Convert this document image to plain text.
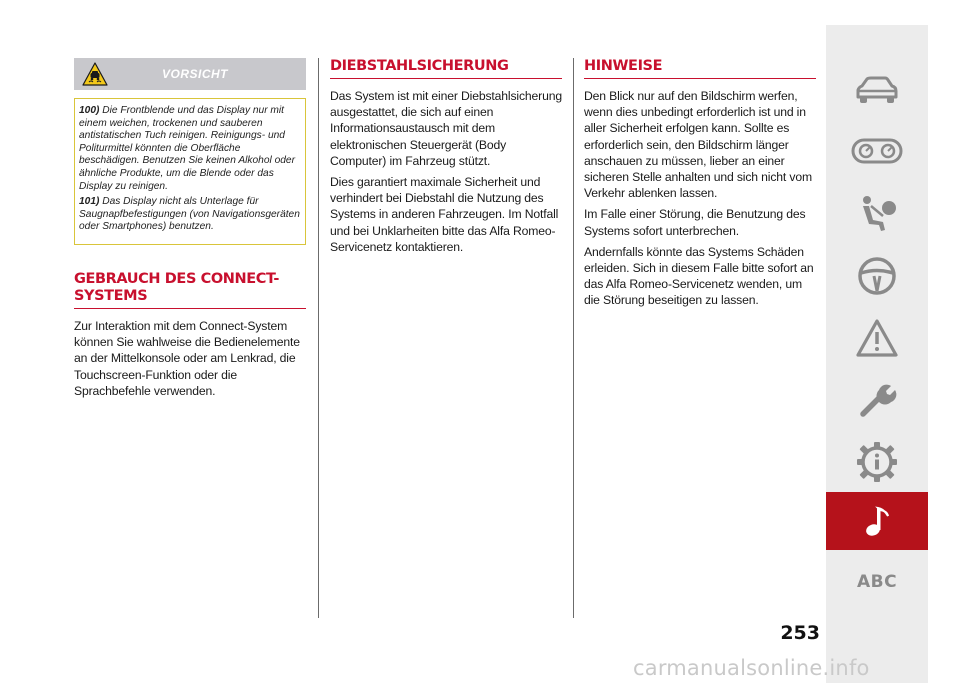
VORSICHT

100) Die Frontblende und das Display nur mit einem weichen, trockenen und sauberen antistatischen Tuch reinigen. Reinigungs- und Politurmittel könnten die Oberfläche beschädigen. Benutzen Sie keinen Alkohol oder ähnliche Produkte, um die Blende oder das Display zu reinigen.

101) Das Display nicht als Unterlage für Saugnapfbefestigungen (von Navigationsgeräten oder Smartphones) benutzen.

GEBRAUCH DES CONNECT-SYSTEMS

Zur Interaktion mit dem Connect-System können Sie wahlweise die Bedienelemente an der Mittelkonsole oder am Lenkrad, die Touchscreen-Funktion oder die Sprachbefehle verwenden.

DIEBSTAHLSICHERUNG

Das System ist mit einer Diebstahlsicherung ausgestattet, die sich auf einen Informationsaustausch mit dem elektronischen Steuergerät (Body Computer) im Fahrzeug stützt.

Dies garantiert maximale Sicherheit und verhindert bei Diebstahl die Nutzung des Systems in anderen Fahrzeugen. Im Notfall und bei Unklarheiten bitte das Alfa Romeo-Servicenetz kontaktieren.

HINWEISE

Den Blick nur auf den Bildschirm werfen, wenn dies unbedingt erforderlich ist und in aller Sicherheit erfolgen kann. Sollte es erforderlich sein, den Bildschirm länger anschauen zu müssen, lieber an einer sicheren Stelle anhalten und sich nicht vom Verkehr ablenken lassen.

Im Falle einer Störung, die Benutzung des Systems sofort unterbrechen.

Andernfalls könnte das Systems Schäden erleiden. Sich in diesem Falle bitte sofort an das Alfa Romeo-Servicenetz wenden, um die Störung beseitigen zu lassen.

ABC
253
carmanualsonline.info
